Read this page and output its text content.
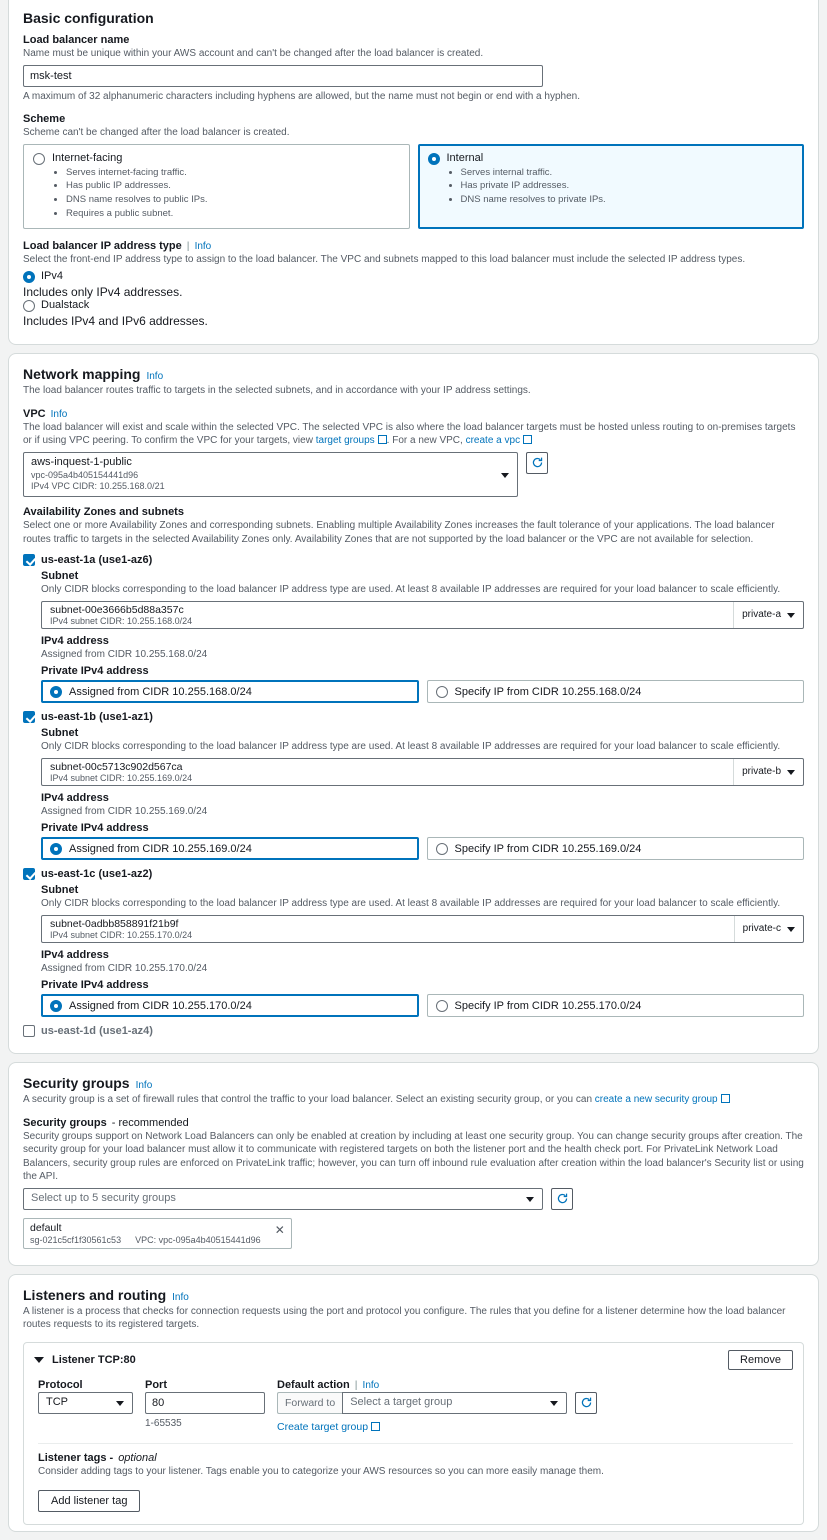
Basic configuration
Load balancer name
Name must be unique within your AWS account and can't be changed after the load balancer is created.
msk-test
A maximum of 32 alphanumeric characters including hyphens are allowed, but the name must not begin or end with a hyphen.
Scheme
Scheme can't be changed after the load balancer is created.
Internet-facing
• Serves internet-facing traffic.
• Has public IP addresses.
• DNS name resolves to public IPs.
• Requires a public subnet.
Internal
• Serves internal traffic.
• Has private IP addresses.
• DNS name resolves to private IPs.
Load balancer IP address type | Info
Select the front-end IP address type to assign to the load balancer. The VPC and subnets mapped to this load balancer must include the selected IP address types.
IPv4
Includes only IPv4 addresses.
Dualstack
Includes IPv4 and IPv6 addresses.
Network mapping Info
The load balancer routes traffic to targets in the selected subnets, and in accordance with your IP address settings.
VPC Info
The load balancer will exist and scale within the selected VPC. The selected VPC is also where the load balancer targets must be hosted unless routing to on-premises targets or if using VPC peering. To confirm the VPC for your targets, view target groups . For a new VPC, create a vpc
aws-inquest-1-public
vpc-095a4b405154441d96
IPv4 VPC CIDR: 10.255.168.0/21
Availability Zones and subnets
Select one or more Availability Zones and corresponding subnets. Enabling multiple Availability Zones increases the fault tolerance of your applications. The load balancer routes traffic to targets in the selected Availability Zones only. Availability Zones that are not supported by the load balancer or the VPC are not available for selection.
us-east-1a (use1-az6)
Subnet
Only CIDR blocks corresponding to the load balancer IP address type are used. At least 8 available IP addresses are required for your load balancer to scale efficiently.
subnet-00e3666b5d88a357c
IPv4 subnet CIDR: 10.255.168.0/24
private-a
IPv4 address
Assigned from CIDR 10.255.168.0/24
Private IPv4 address
Assigned from CIDR 10.255.168.0/24	Specify IP from CIDR 10.255.168.0/24
us-east-1b (use1-az1)
Subnet
Only CIDR blocks corresponding to the load balancer IP address type are used. At least 8 available IP addresses are required for your load balancer to scale efficiently.
subnet-00c5713c902d567ca
IPv4 subnet CIDR: 10.255.169.0/24
private-b
IPv4 address
Assigned from CIDR 10.255.169.0/24
Private IPv4 address
Assigned from CIDR 10.255.169.0/24	Specify IP from CIDR 10.255.169.0/24
us-east-1c (use1-az2)
Subnet
Only CIDR blocks corresponding to the load balancer IP address type are used. At least 8 available IP addresses are required for your load balancer to scale efficiently.
subnet-0adbb858891f21b9f
IPv4 subnet CIDR: 10.255.170.0/24
private-c
IPv4 address
Assigned from CIDR 10.255.170.0/24
Private IPv4 address
Assigned from CIDR 10.255.170.0/24	Specify IP from CIDR 10.255.170.0/24
us-east-1d (use1-az4)
Security groups Info
A security group is a set of firewall rules that control the traffic to your load balancer. Select an existing security group, or you can create a new security group
Security groups - recommended
Security groups support on Network Load Balancers can only be enabled at creation by including at least one security group. You can change security groups after creation. The security group for your load balancer must allow it to communicate with registered targets on both the listener port and the health check port. For PrivateLink Network Load Balancers, security group rules are enforced on PrivateLink traffic; however, you can turn off inbound rule evaluation after creation within the load balancer's Security list or using the API.
Select up to 5 security groups
default
sg-021c5cf1f30561c53 VPC: vpc-095a4b40515441d96
✕
Listeners and routing Info
A listener is a process that checks for connection requests using the port and protocol you configure. The rules that you define for a listener determine how the load balancer routes requests to its registered targets.
Listener TCP:80	Remove
Protocol
TCP
Port
80
1-65535
Default action | Info
Forward to	Select a target group
Create target group
Listener tags - optional
Consider adding tags to your listener. Tags enable you to categorize your AWS resources so you can more easily manage them.
Add listener tag
